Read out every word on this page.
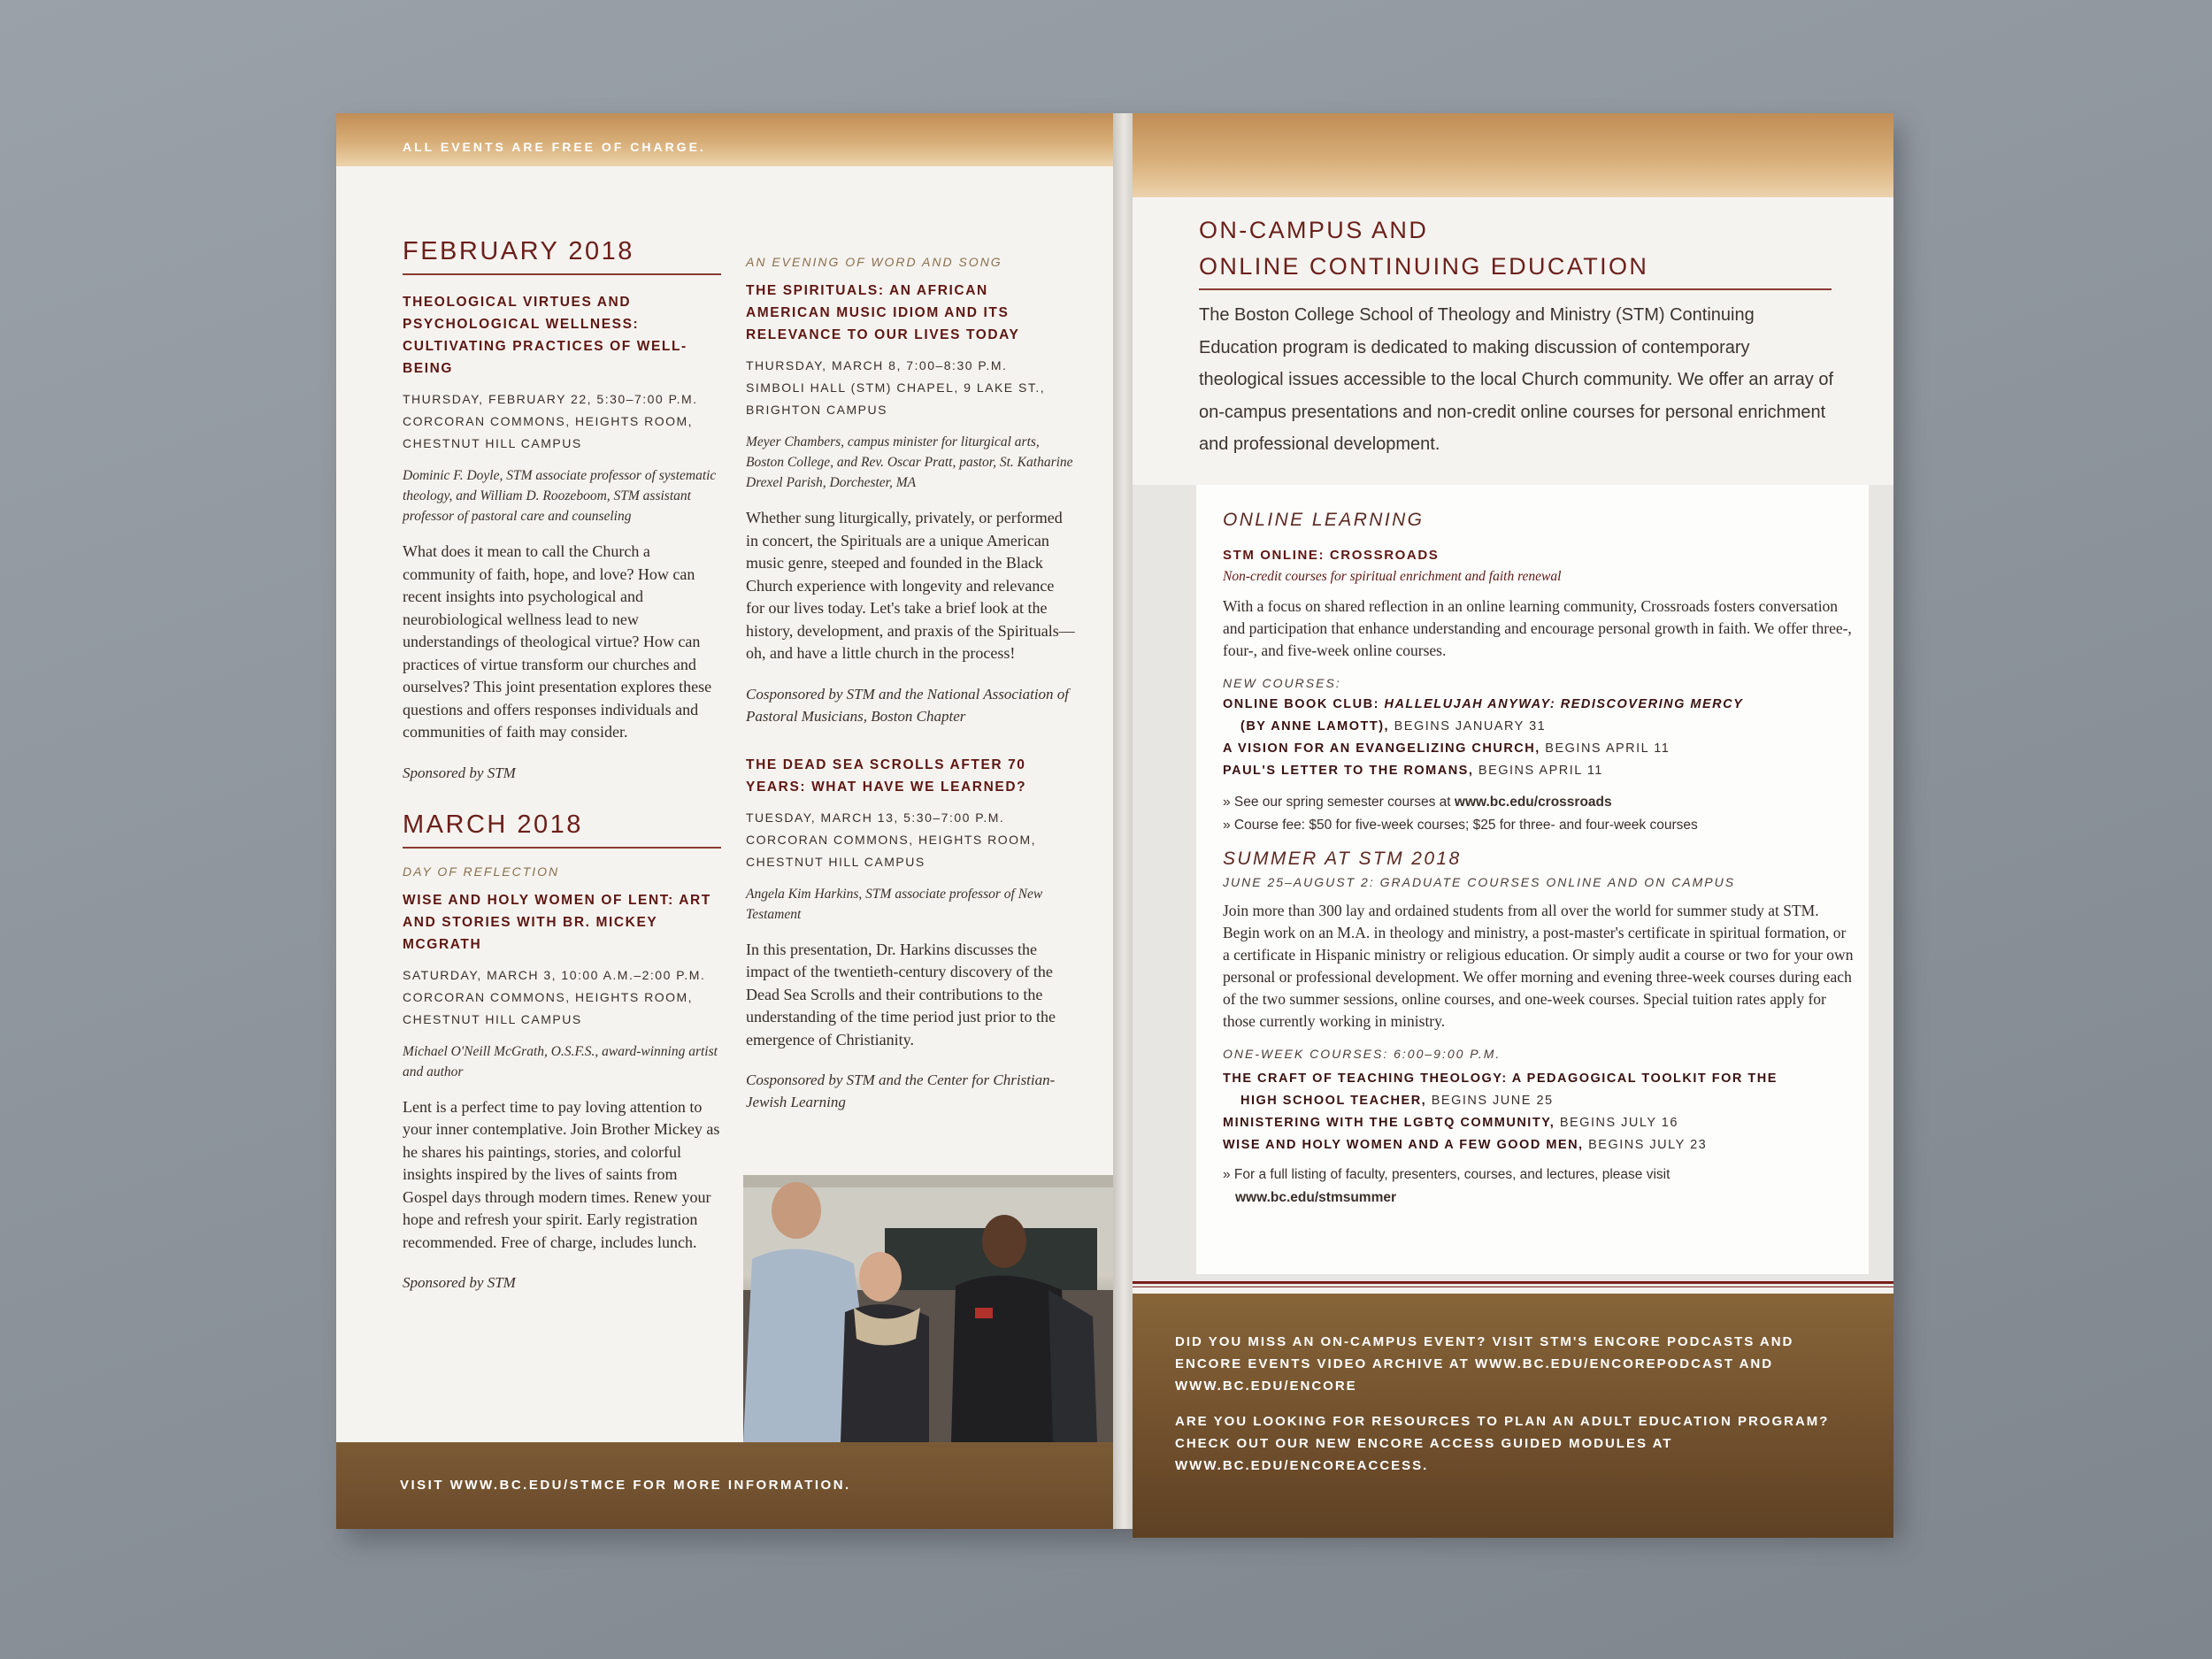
ALL EVENTS ARE FREE OF CHARGE.
FEBRUARY 2018
THEOLOGICAL VIRTUES AND PSYCHOLOGICAL WELLNESS: CULTIVATING PRACTICES OF WELL-BEING
THURSDAY, FEBRUARY 22, 5:30–7:00 P.M.
CORCORAN COMMONS, HEIGHTS ROOM,
CHESTNUT HILL CAMPUS
Dominic F. Doyle, STM associate professor of systematic theology, and William D. Roozeboom, STM assistant professor of pastoral care and counseling
What does it mean to call the Church a community of faith, hope, and love? How can recent insights into psychological and neurobiological wellness lead to new understandings of theological virtue? How can practices of virtue transform our churches and ourselves? This joint presentation explores these questions and offers responses individuals and communities of faith may consider.
Sponsored by STM
MARCH 2018
DAY OF REFLECTION
WISE AND HOLY WOMEN OF LENT: ART AND STORIES WITH BR. MICKEY MCGRATH
SATURDAY, MARCH 3, 10:00 A.M.–2:00 P.M.
CORCORAN COMMONS, HEIGHTS ROOM,
CHESTNUT HILL CAMPUS
Michael O'Neill McGrath, O.S.F.S., award-winning artist and author
Lent is a perfect time to pay loving attention to your inner contemplative. Join Brother Mickey as he shares his paintings, stories, and colorful insights inspired by the lives of saints from Gospel days through modern times. Renew your hope and refresh your spirit. Early registration recommended. Free of charge, includes lunch.
Sponsored by STM
AN EVENING OF WORD AND SONG
THE SPIRITUALS: AN AFRICAN AMERICAN MUSIC IDIOM AND ITS RELEVANCE TO OUR LIVES TODAY
THURSDAY, MARCH 8, 7:00–8:30 P.M.
SIMBOLI HALL (STM) CHAPEL, 9 LAKE ST.,
BRIGHTON CAMPUS
Meyer Chambers, campus minister for liturgical arts, Boston College, and Rev. Oscar Pratt, pastor, St. Katharine Drexel Parish, Dorchester, MA
Whether sung liturgically, privately, or performed in concert, the Spirituals are a unique American music genre, steeped and founded in the Black Church experience with longevity and relevance for our lives today. Let's take a brief look at the history, development, and praxis of the Spirituals—oh, and have a little church in the process!
Cosponsored by STM and the National Association of Pastoral Musicians, Boston Chapter
THE DEAD SEA SCROLLS AFTER 70 YEARS: WHAT HAVE WE LEARNED?
TUESDAY, MARCH 13, 5:30–7:00 P.M.
CORCORAN COMMONS, HEIGHTS ROOM,
CHESTNUT HILL CAMPUS
Angela Kim Harkins, STM associate professor of New Testament
In this presentation, Dr. Harkins discusses the impact of the twentieth-century discovery of the Dead Sea Scrolls and their contributions to the understanding of the time period just prior to the emergence of Christianity.
Cosponsored by STM and the Center for Christian-Jewish Learning
VISIT WWW.BC.EDU/STMCE FOR MORE INFORMATION.
ON-CAMPUS AND
ONLINE CONTINUING EDUCATION
The Boston College School of Theology and Ministry (STM) Continuing Education program is dedicated to making discussion of contemporary theological issues accessible to the local Church community. We offer an array of on-campus presentations and non-credit online courses for personal enrichment and professional development.
ONLINE LEARNING
STM ONLINE: CROSSROADS
Non-credit courses for spiritual enrichment and faith renewal
With a focus on shared reflection in an online learning community, Crossroads fosters conversation and participation that enhance understanding and encourage personal growth in faith. We offer three-, four-, and five-week online courses.
NEW COURSES:
ONLINE BOOK CLUB: HALLELUJAH ANYWAY: REDISCOVERING MERCY
(BY ANNE LAMOTT), BEGINS JANUARY 31
A VISION FOR AN EVANGELIZING CHURCH, BEGINS APRIL 11
PAUL'S LETTER TO THE ROMANS, BEGINS APRIL 11
» See our spring semester courses at www.bc.edu/crossroads
» Course fee: $50 for five-week courses; $25 for three- and four-week courses
SUMMER AT STM 2018
JUNE 25–AUGUST 2: GRADUATE COURSES ONLINE AND ON CAMPUS
Join more than 300 lay and ordained students from all over the world for summer study at STM. Begin work on an M.A. in theology and ministry, a post-master's certificate in spiritual formation, or a certificate in Hispanic ministry or religious education. Or simply audit a course or two for your own personal or professional development. We offer morning and evening three-week courses during each of the two summer sessions, online courses, and one-week courses. Special tuition rates apply for those currently working in ministry.
ONE-WEEK COURSES: 6:00–9:00 P.M.
THE CRAFT OF TEACHING THEOLOGY: A PEDAGOGICAL TOOLKIT FOR THE
HIGH SCHOOL TEACHER, BEGINS JUNE 25
MINISTERING WITH THE LGBTQ COMMUNITY, BEGINS JULY 16
WISE AND HOLY WOMEN AND A FEW GOOD MEN, BEGINS JULY 23
» For a full listing of faculty, presenters, courses, and lectures, please visit
www.bc.edu/stmsummer
DID YOU MISS AN ON-CAMPUS EVENT? VISIT STM'S ENCORE PODCASTS AND ENCORE EVENTS VIDEO ARCHIVE AT WWW.BC.EDU/ENCOREPODCAST AND WWW.BC.EDU/ENCORE
ARE YOU LOOKING FOR RESOURCES TO PLAN AN ADULT EDUCATION PROGRAM? CHECK OUT OUR NEW ENCORE ACCESS GUIDED MODULES AT WWW.BC.EDU/ENCOREACCESS.
